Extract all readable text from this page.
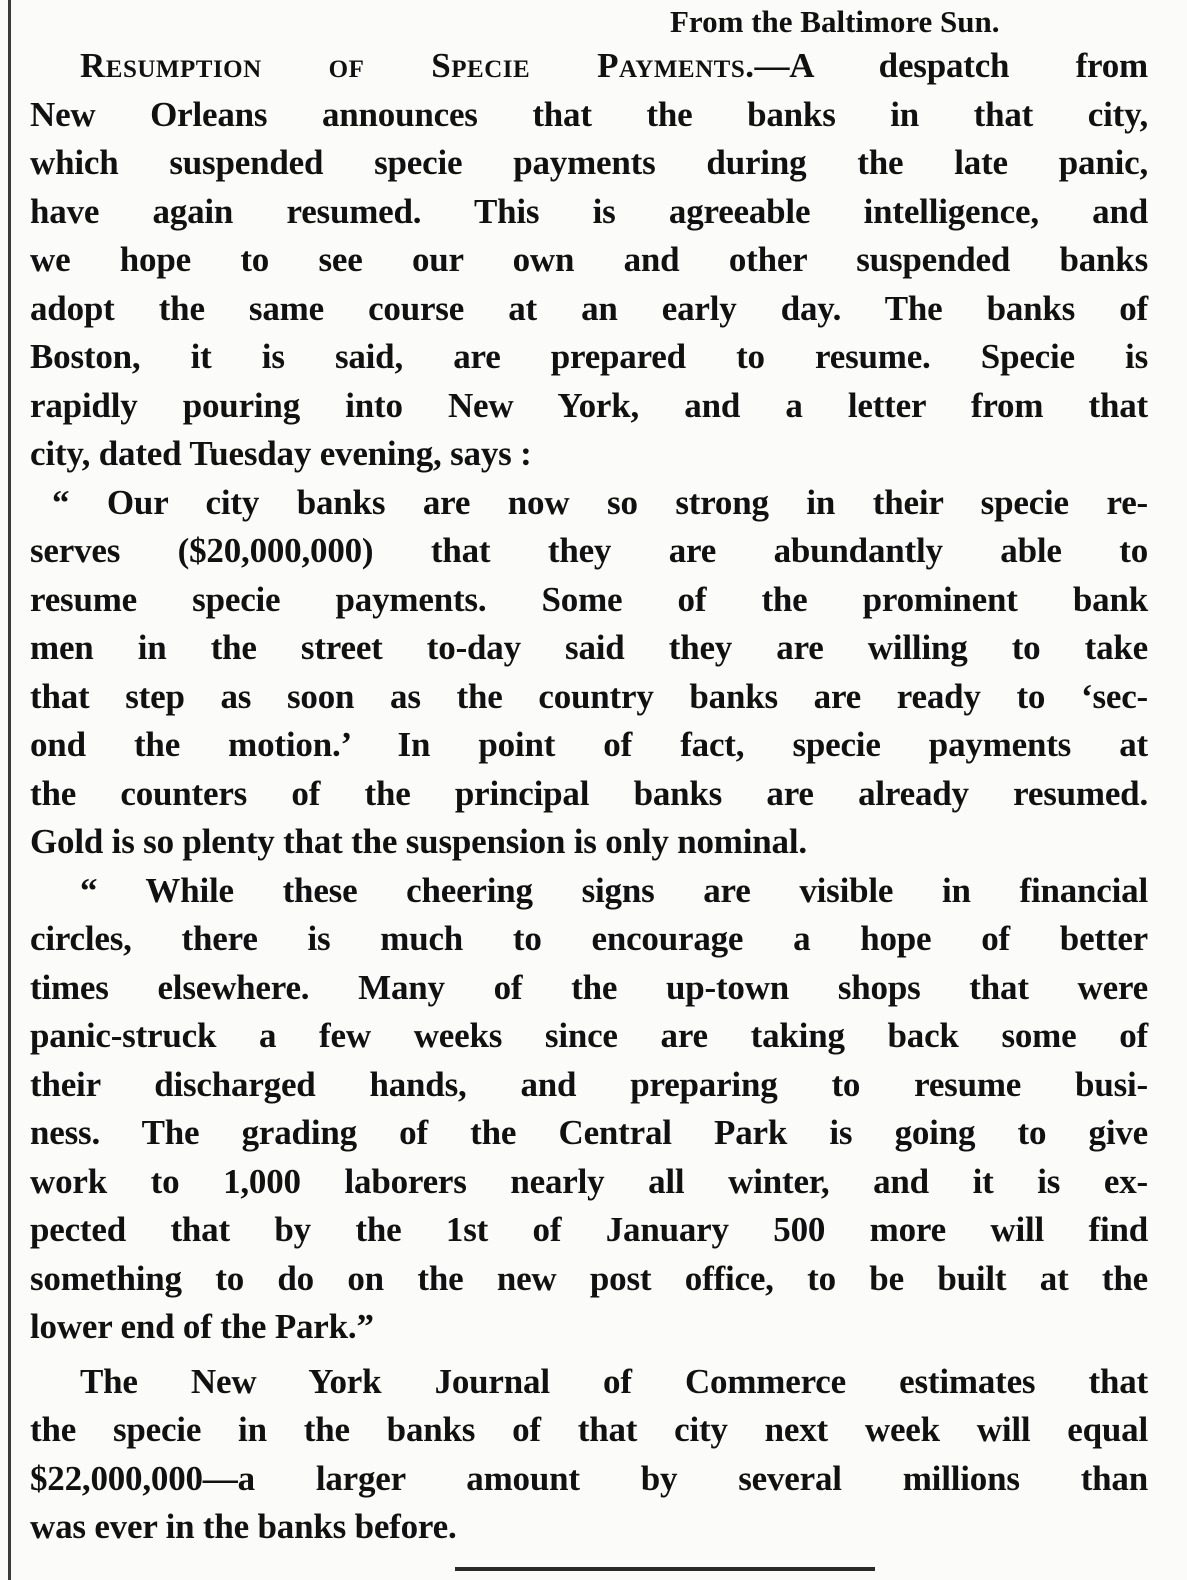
From the Baltimore Sun.
Resumption of Specie Payments.—A despatch from
New Orleans announces that the banks in that city,
which suspended specie payments during the late panic,
have again resumed. This is agreeable intelligence, and
we hope to see our own and other suspended banks
adopt the same course at an early day. The banks of
Boston, it is said, are prepared to resume. Specie is
rapidly pouring into New York, and a letter from that
city, dated Tuesday evening, says :
“ Our city banks are now so strong in their specie re-
serves ($20,000,000) that they are abundantly able to
resume specie payments. Some of the prominent bank
men in the street to-day said they are willing to take
that step as soon as the country banks are ready to ‘sec-
ond the motion.’ In point of fact, specie payments at
the counters of the principal banks are already resumed.
Gold is so plenty that the suspension is only nominal.
“ While these cheering signs are visible in financial
circles, there is much to encourage a hope of better
times elsewhere. Many of the up-town shops that were
panic-struck a few weeks since are taking back some of
their discharged hands, and preparing to resume busi-
ness. The grading of the Central Park is going to give
work to 1,000 laborers nearly all winter, and it is ex-
pected that by the 1st of January 500 more will find
something to do on the new post office, to be built at the
lower end of the Park.”
The New York Journal of Commerce estimates that
the specie in the banks of that city next week will equal
$22,000,000—a larger amount by several millions than
was ever in the banks before.
